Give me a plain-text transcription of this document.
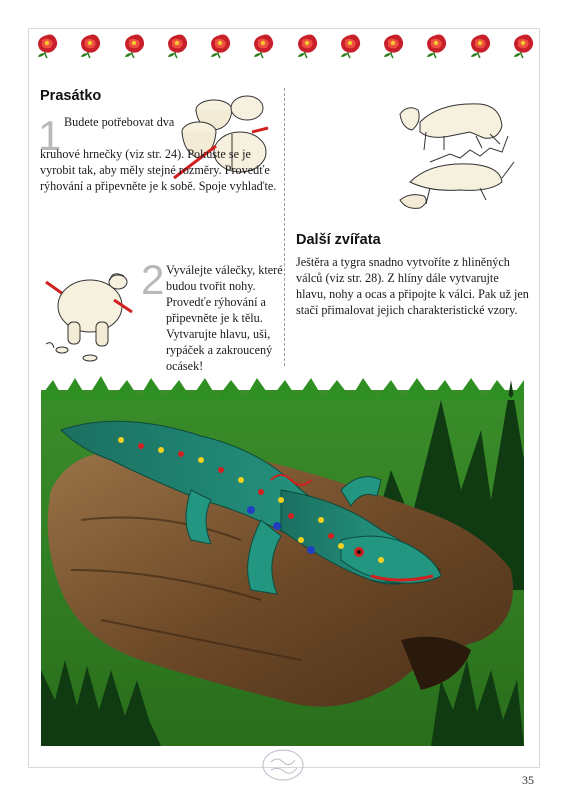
Prasátko
1 Budete potřebovat dva
kruhové hrnečky (viz str. 24). Pokuste se je vyrobit tak, aby měly stejné rozměry. Provedťe rýhování a připevněte je k sobě. Spoje vyhlaďte.
2 Vyválejte válečky, které budou tvořit nohy. Provedťe rýhování a připevněte je k tělu. Vytvarujte hlavu, uši, rypáček a zakroucený ocásek!
Další zvířata
Ještěra a tygra snadno vytvoříte z hliněných válců (viz str. 28). Z hlíny dále vytvarujte hlavu, nohy a ocas a připojte k válci. Pak už jen stačí přimalovat jejich charakteristické vzory.
35
